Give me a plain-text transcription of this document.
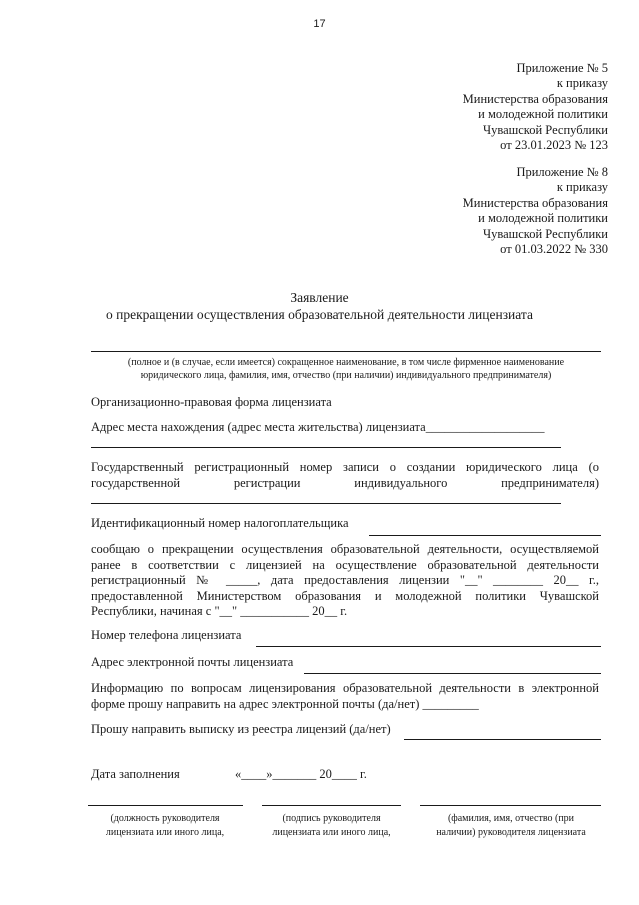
17
Приложение № 5
к приказу
Министерства образования
и молодежной политики
Чувашской Республики
от 23.01.2023 № 123
Приложение № 8
к приказу
Министерства образования
и молодежной политики
Чувашской Республики
от 01.03.2022 № 330
Заявление
о прекращении осуществления образовательной деятельности лицензиата
(полное и (в случае, если имеется) сокращенное наименование, в том числе фирменное наименование
юридического лица, фамилия, имя, отчество (при наличии) индивидуального предпринимателя)
Организационно-правовая форма лицензиата
Адрес места нахождения (адрес места жительства) лицензиата___________________
Государственный регистрационный номер записи о создании юридического лица (о
государственной регистрации индивидуального предпринимателя)
Идентификационный номер налогоплательщика
сообщаю о прекращении осуществления образовательной деятельности, осуществляемой ранее в соответствии с лицензией на осуществление образовательной деятельности регистрационный № _____, дата предоставления лицензии "__" ________ 20__ г., предоставленной Министерством образования и молодежной политики Чувашской Республики, начиная с "__" ___________ 20__ г.
Номер телефона лицензиата
Адрес электронной почты лицензиата
Информацию по вопросам лицензирования образовательной деятельности в электронной
форме прошу направить на адрес электронной почты (да/нет) _________
Прошу направить выписку из реестра лицензий (да/нет)
Дата заполнения	«____»_______ 20____ г.
(должность руководителя
лицензиата или иного лица,
(подпись руководителя
лицензиата или иного лица,
(фамилия, имя, отчество (при
наличии) руководителя лицензиата
